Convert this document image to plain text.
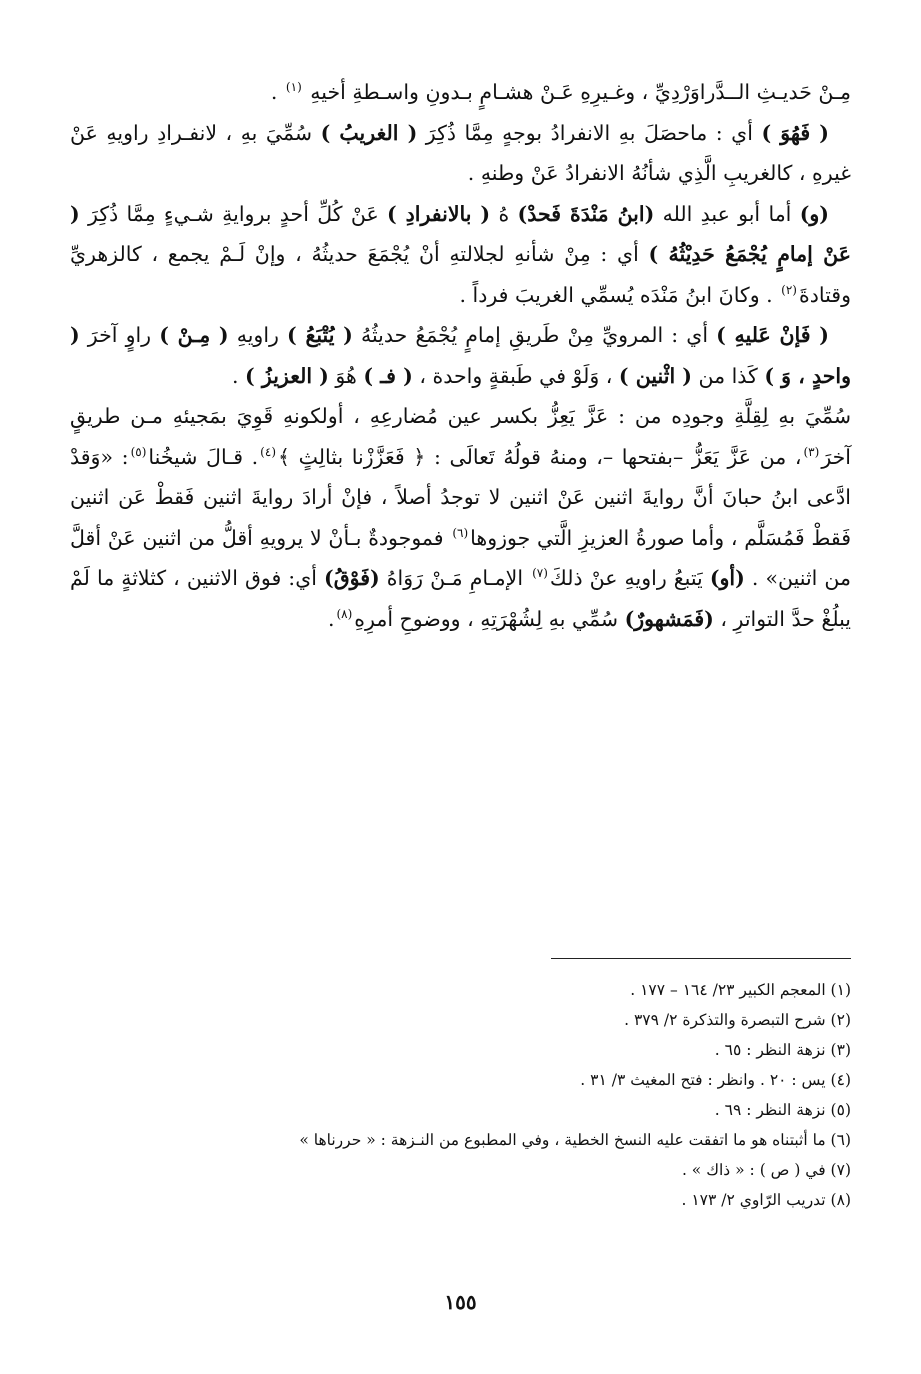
مِـنْ حَديـثِ الــدَّراوَرْدِيِّ ، وغـيرِهِ عَـنْ هشـامٍ بـدونِ واسـطةِ أخيهِ $^{(١)}$ .

( فَهُوَ ) أي : ماحصَلَ بهِ الانفرادُ بوجهٍ مِمَّا ذُكِرَ ( الغريبُ ) سُمِّيَ بهِ ، لانفـرادِ راويهِ عَنْ غيرهِ ، كالغريبِ الَّذِي شأنُهُ الانفرادُ عَنْ وطنهِ .

(و) أما أبو عبدِ الله (ابنُ مَنْدَةَ فَحدْ) هُ ( بالانفرادِ ) عَنْ كُلِّ أحدٍ بروايةِ شـيءٍ مِمَّا ذُكِرَ ( عَنْ إمامٍ يُجْمَعُ حَدِيْثُهُ ) أي : مِنْ شأنهِ لجلالتهِ أنْ يُجْمَعَ حديثُهُ ، وإنْ لَـمْ يجمع ، كالزهريِّ وقتادةَ$^{(٢)}$ . وكانَ ابنُ مَنْدَه يُسمِّي الغريبَ فرداً .

( فَإنْ عَليهِ ) أي : المرويِّ مِنْ طَريقِ إمامٍ يُجْمَعُ حديثُهُ ( يُتْبَعُ ) راويهِ ( مِـنْ ) راوٍ آخرَ ( واحدٍ ، وَ ) كَذا من ( اثْنين ) ، وَلَوْ في طَبقةٍ واحدة ، ( فـ ) هُوَ ( العزيزُ ) .

سُمِّيَ بهِ لِقِلَّةِ وجودِه من : عَزَّ يَعِزُّ بكسر عين مُضارعِهِ ، أولكونهِ قَوِيَ بمَجيئهِ مـن طريقٍ آخرَ$^{(٣)}$، من عَزَّ يَعَزُّ –بفتحها –، ومنهُ قولُهُ تَعالَى : ﴿ فَعَزَّزْنا بثالِثٍ ﴾$^{(٤)}$. قـالَ شيخُنا$^{(٥)}$: «وَقدْ ادَّعى ابنُ حبانَ أنَّ روايةَ اثنين عَنْ اثنين لا توجدُ أصلاً ، فإنْ أرادَ روايةَ اثنين فَقطْ عَن اثنين فَقطْ فَمُسَلَّم ، وأما صورةُ العزيزِ الَّتي جوزوها$^{(٦)}$ فموجودةٌ بـأنْ لا يرويهِ أقلُّ من اثنين عَنْ أقلَّ من اثنين» . (أو) يَتبعُ راويهِ عنْ ذلكَ$^{(٧)}$ الإمـامِ مَـنْ رَوَاهُ (فَوْقُ) أي: فوق الاثنين ، كثلاثةٍ ما لَمْ يبلُغْ حدَّ التواترِ ، (فَمَشهورٌ) سُمِّي بهِ لِشُهْرَتِهِ ، ووضوحِ أمرِهِ$^{(٨)}$.

(١) المعجم الكبير ٢٣/ ١٦٤ – ١٧٧ .
(٢) شرح التبصرة والتذكرة ٢/ ٣٧٩ .
(٣) نزهة النظر : ٦٥ .
(٤) يس : ٢٠ . وانظر : فتح المغيث ٣/ ٣١ .
(٥) نزهة النظر : ٦٩ .
(٦) ما أثبتناه هو ما اتفقت عليه النسخ الخطية ، وفي المطبوع من النـزهة : « حررناها »
(٧) في ( ص ) : « ذاك » .
(٨) تدريب الرّاوي ٢/ ١٧٣ .
١٥٥
